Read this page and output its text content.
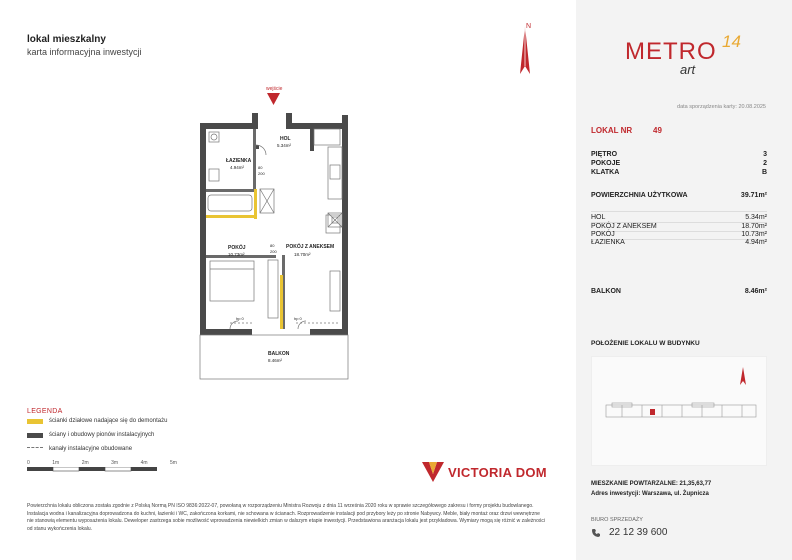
lokal mieszkalny
karta informacyjna inwestycji
N
wejście
HOL
5.34m²
ŁAZIENKA
4.94m²
POKÓJ
10.73m²
POKÓJ Z ANEKSEM
18.70m²
BALKON
8.46m²
80
200
80
200
hp 0	hp 0
LEGENDA
ścianki działowe nadające się do demontażu
ściany i obudowy pionów instalacyjnych
kanały instalacyjne obudowane
0	1m	2m	3m	4m	5m
VICTORIA DOM
Powierzchnia lokalu obliczona została zgodnie z Polską Normą PN ISO 9836:2022-07, powołaną w rozporządzeniu Ministra Rozwoju z dnia 11 września 2020 roku w sprawie szczegółowego zakresu i formy projektu budowlanego. Instalacja wodna i kanalizacyjna doprowadzona do kuchni, łazienki i WC, zakończona korkami, nie schowana w ścianach. Rozprowadzenie instalacji pod przybory leży po stronie Nabywcy. Meble, biały montaż oraz drzwi wewnętrzne nie stanowią elementu wyposażenia lokalu. Deweloper zastrzega sobie możliwość wprowadzenia niewielkich zmian w dalszym etapie inwestycji. Przedstawiona aranżacja lokalu jest przykładowa. Wymiary mogą się różnić w zależności od stanu wykończenia lokalu.
METRO 14
art
data sporządzenia karty: 20.08.2025
LOKAL NR	49
PIĘTRO	3
POKOJE	2
KLATKA	B
POWIERZCHNIA UŻYTKOWA	39.71m²
HOL	5.34m²
POKÓJ Z ANEKSEM	18.70m²
POKÓJ	10.73m²
ŁAZIENKA	4.94m²
BALKON	8.46m²
POŁOŻENIE LOKALU W BUDYNKU
MIESZKANIE POWTARZALNE: 21,35,63,77
Adres inwestycji: Warszawa, ul. Żupnicza
BIURO SPRZEDAŻY
22 12 39 600
